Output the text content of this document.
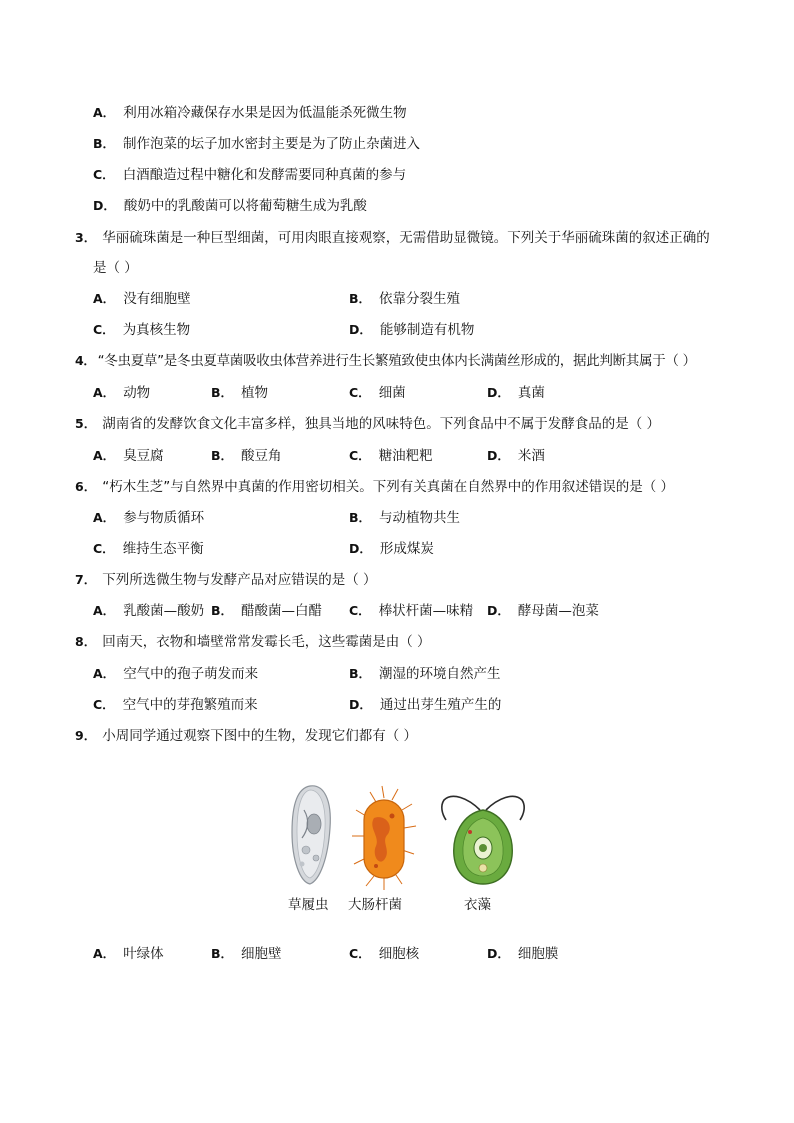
A． 利用冰箱冷藏保存水果是因为低温能杀死微生物
B． 制作泡菜的坛子加水密封主要是为了防止杂菌进入
C． 白酒酿造过程中糖化和发酵需要同种真菌的参与
D． 酸奶中的乳酸菌可以将葡萄糖生成为乳酸
3． 华丽硫珠菌是一种巨型细菌，可用肉眼直接观察，无需借助显微镜。下列关于华丽硫珠菌的叙述正确的
是（ ）
A． 没有细胞壁	B． 依靠分裂生殖
C． 为真核生物	D． 能够制造有机物
4． “冬虫夏草”是冬虫夏草菌吸收虫体营养进行生长繁殖致使虫体内长满菌丝形成的，据此判断其属于（ ）
A． 动物	B． 植物	C． 细菌	D． 真菌
5． 湖南省的发酵饮食文化丰富多样，独具当地的风味特色。下列食品中不属于发酵食品的是（ ）
A． 臭豆腐	B． 酸豆角	C． 糖油粑粑	D． 米酒
6． “朽木生芝”与自然界中真菌的作用密切相关。下列有关真菌在自然界中的作用叙述错误的是（ ）
A． 参与物质循环	B． 与动植物共生
C． 维持生态平衡	D． 形成煤炭
7． 下列所选微生物与发酵产品对应错误的是（ ）
A． 乳酸菌—酸奶 B． 醋酸菌—白醋 C． 棒状杆菌—味精 D． 酵母菌—泡菜
8． 回南天，衣物和墙壁常常发霉长毛，这些霉菌是由（ ）
A． 空气中的孢子萌发而来	B． 潮湿的环境自然产生
C． 空气中的芽孢繁殖而来	D． 通过出芽生殖产生的
9． 小周同学通过观察下图中的生物，发现它们都有（ ）
草履虫 大肠杆菌	衣藻
A． 叶绿体	B． 细胞壁	C． 细胞核	D． 细胞膜
